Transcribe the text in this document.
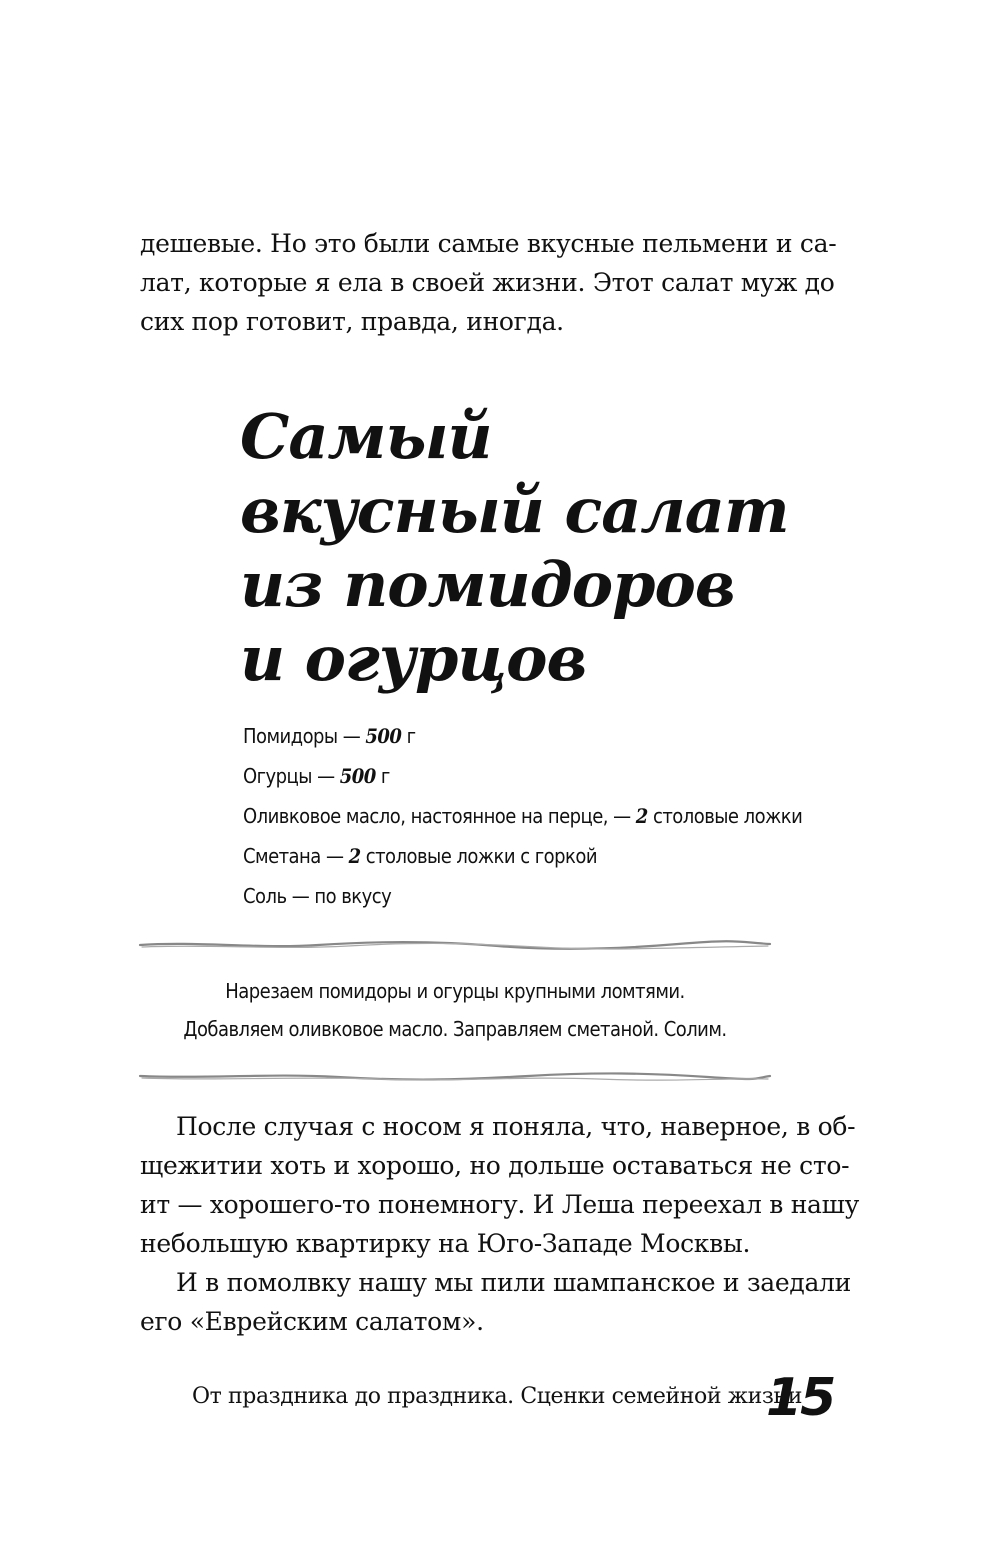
дешевые. Но это были самые вкусные пельмени и са-
лат, которые я ела в своей жизни. Этот салат муж до
сих пор готовит, правда, иногда.
Самый
вкусный салат
из помидоров
и огурцов
Помидоры — 500 г
Огурцы — 500 г
Оливковое масло, настоянное на перце, — 2 столовые ложки
Сметана — 2 столовые ложки с горкой
Соль — по вкусу
Нарезаем помидоры и огурцы крупными ломтями.
Добавляем оливковое масло. Заправляем сметаной. Солим.
После случая с носом я поняла, что, наверное, в об-
щежитии хоть и хорошо, но дольше оставаться не сто-
ит — хорошего-то понемногу. И Леша переехал в нашу
небольшую квартирку на Юго-Западе Москвы.
И в помолвку нашу мы пили шампанское и заедали
его «Еврейским салатом».
От праздника до праздника. Сценки семейной жизни
15
